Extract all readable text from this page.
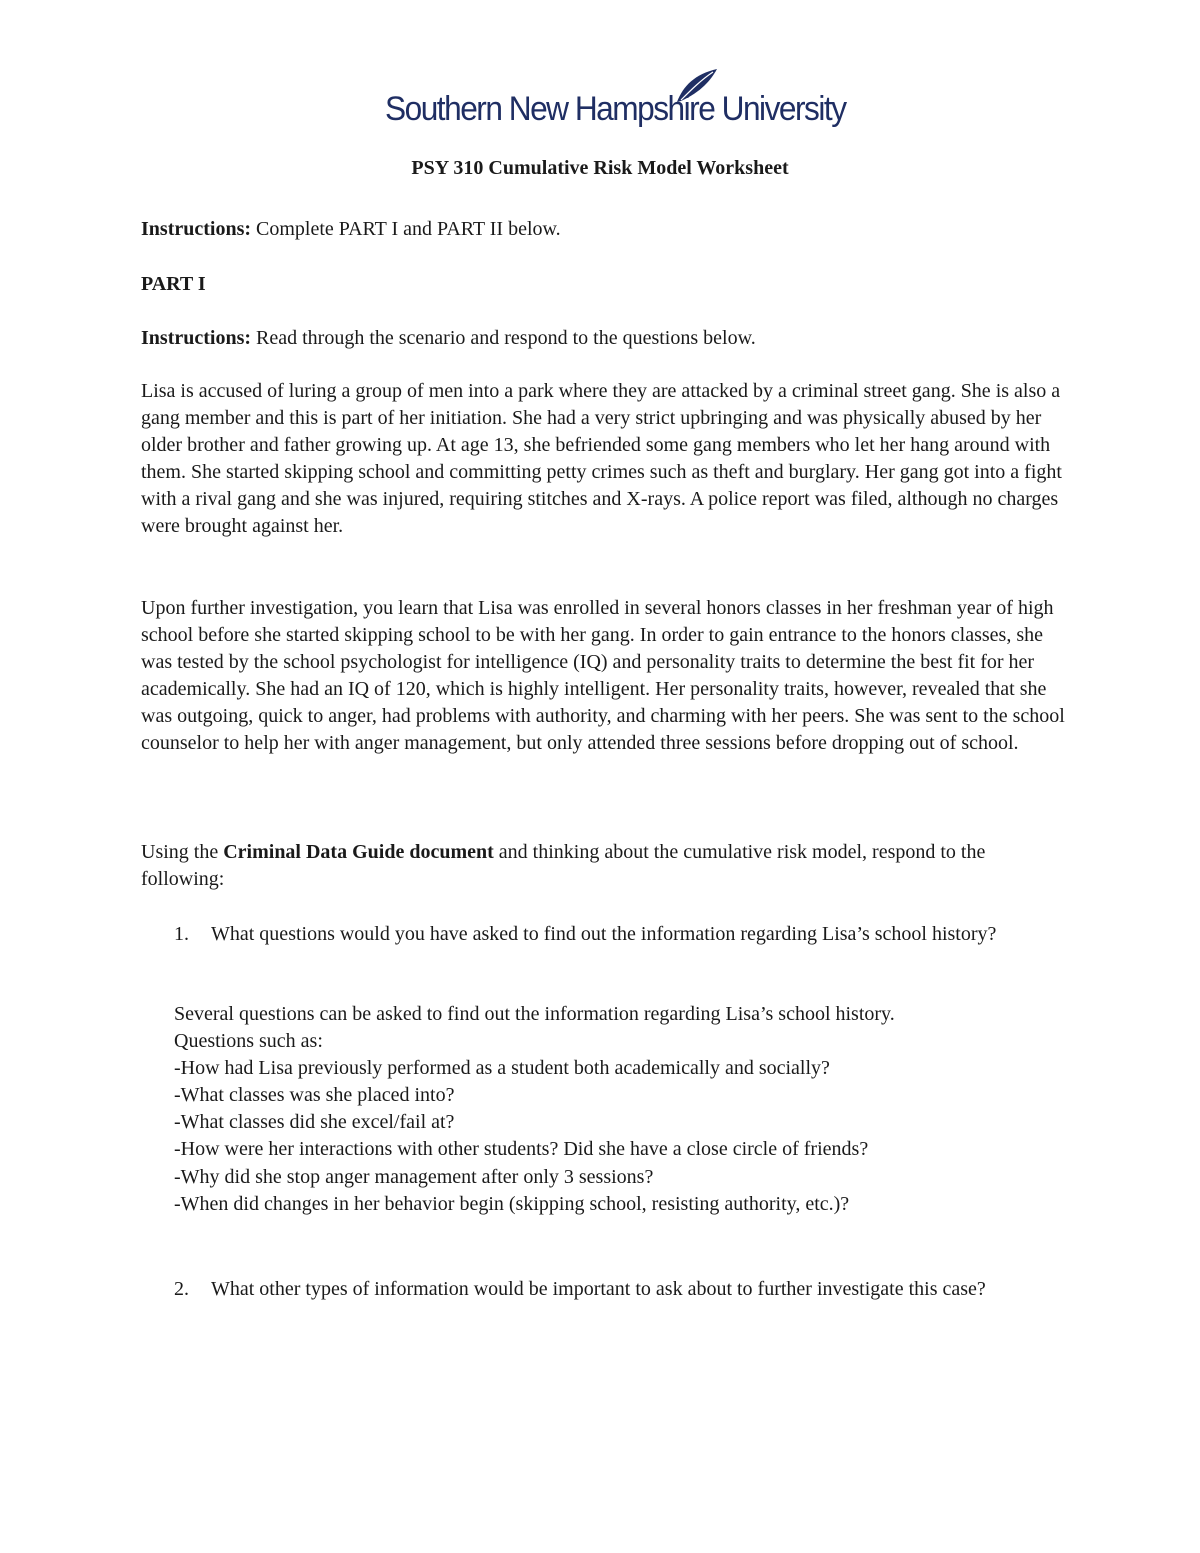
Southern New Hampshire University
PSY 310 Cumulative Risk Model Worksheet

Instructions: Complete PART I and PART II below.

PART I

Instructions: Read through the scenario and respond to the questions below.

Lisa is accused of luring a group of men into a park where they are attacked by a criminal street gang. She is also a gang member and this is part of her initiation. She had a very strict upbringing and was physically abused by her older brother and father growing up. At age 13, she befriended some gang members who let her hang around with them. She started skipping school and committing petty crimes such as theft and burglary. Her gang got into a fight with a rival gang and she was injured, requiring stitches and X-rays. A police report was filed, although no charges were brought against her.

Upon further investigation, you learn that Lisa was enrolled in several honors classes in her freshman year of high school before she started skipping school to be with her gang. In order to gain entrance to the honors classes, she was tested by the school psychologist for intelligence (IQ) and personality traits to determine the best fit for her academically. She had an IQ of 120, which is highly intelligent. Her personality traits, however, revealed that she was outgoing, quick to anger, had problems with authority, and charming with her peers. She was sent to the school counselor to help her with anger management, but only attended three sessions before dropping out of school.

Using the Criminal Data Guide document and thinking about the cumulative risk model, respond to the following:

1. What questions would you have asked to find out the information regarding Lisa’s school history?
Several questions can be asked to find out the information regarding Lisa’s school history.
Questions such as:
-How had Lisa previously performed as a student both academically and socially?
-What classes was she placed into?
-What classes did she excel/fail at?
-How were her interactions with other students? Did she have a close circle of friends?
-Why did she stop anger management after only 3 sessions?
-When did changes in her behavior begin (skipping school, resisting authority, etc.)?
2. What other types of information would be important to ask about to further investigate this case?
